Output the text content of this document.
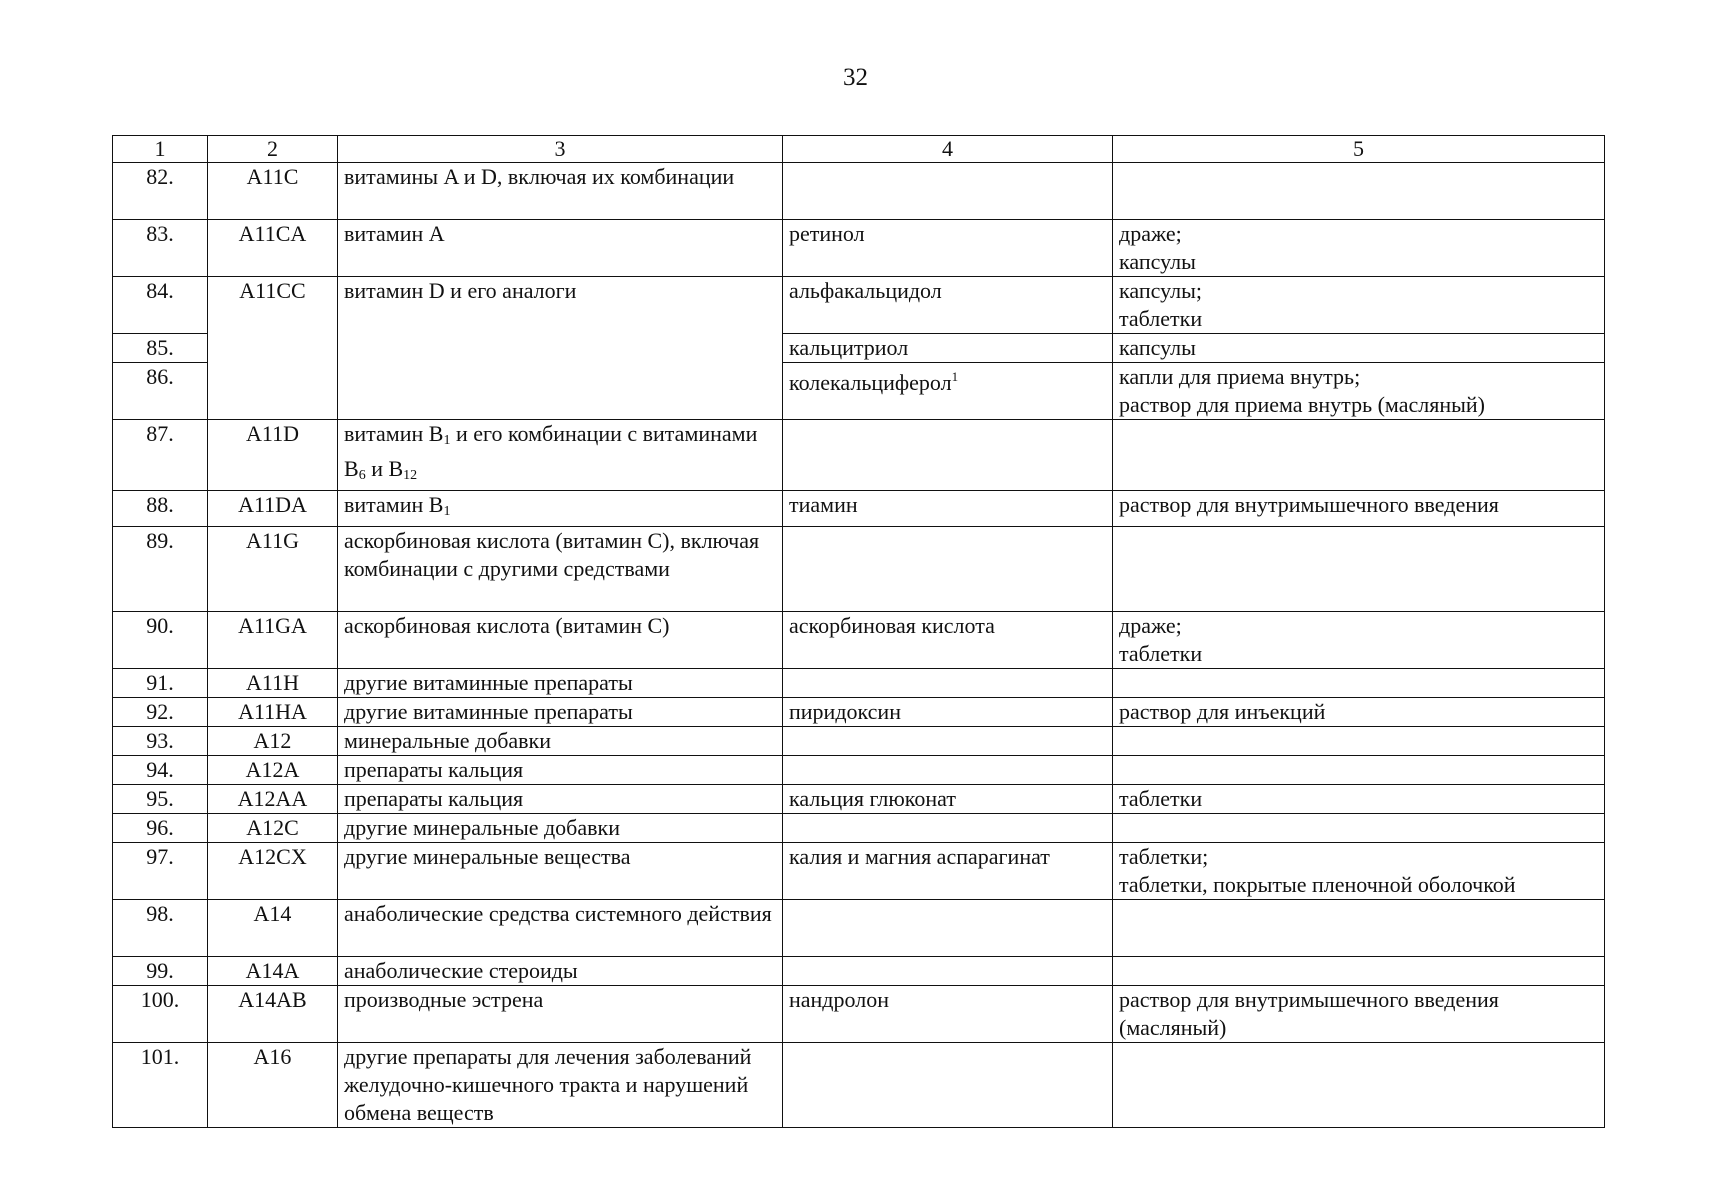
32
1	2	3	4	5
82.	A11C	витамины A и D, включая их комбинации		
83.	A11CA	витамин A	ретинол	драже;
капсулы

84.	A11CC	витамин D и его аналоги	альфакальцидол	капсулы;
таблетки

85.			кальцитриол	капсулы
86.			колекальциферол$^1$	капли для приема внутрь;
раствор для приема внутрь (масляный)

87.	A11D	витамин $B_1$ и его комбинации с витаминами $B_6$ и $B_{12}$		
88.	A11DA	витамин $B_1$	тиамин	раствор для внутримышечного введения
89.	A11G	аскорбиновая кислота (витамин C), включая комбинации с другими средствами		
90.	A11GA	аскорбиновая кислота (витамин C)	аскорбиновая кислота	драже;
таблетки

91.	A11H	другие витаминные препараты		
92.	A11HA	другие витаминные препараты	пиридоксин	раствор для инъекций
93.	A12	минеральные добавки		
94.	A12A	препараты кальция		
95.	A12AA	препараты кальция	кальция глюконат	таблетки
96.	A12C	другие минеральные добавки		
97.	A12CX	другие минеральные вещества	калия и магния аспарагинат	таблетки;
таблетки, покрытые пленочной оболочкой

98.	A14	анаболические средства системного действия		
99.	A14A	анаболические стероиды		
100.	A14AB	производные эстрена	нандролон	раствор для внутримышечного введения (масляный)
101.	A16	другие препараты для лечения заболеваний желудочно-кишечного тракта и нарушений обмена веществ		
